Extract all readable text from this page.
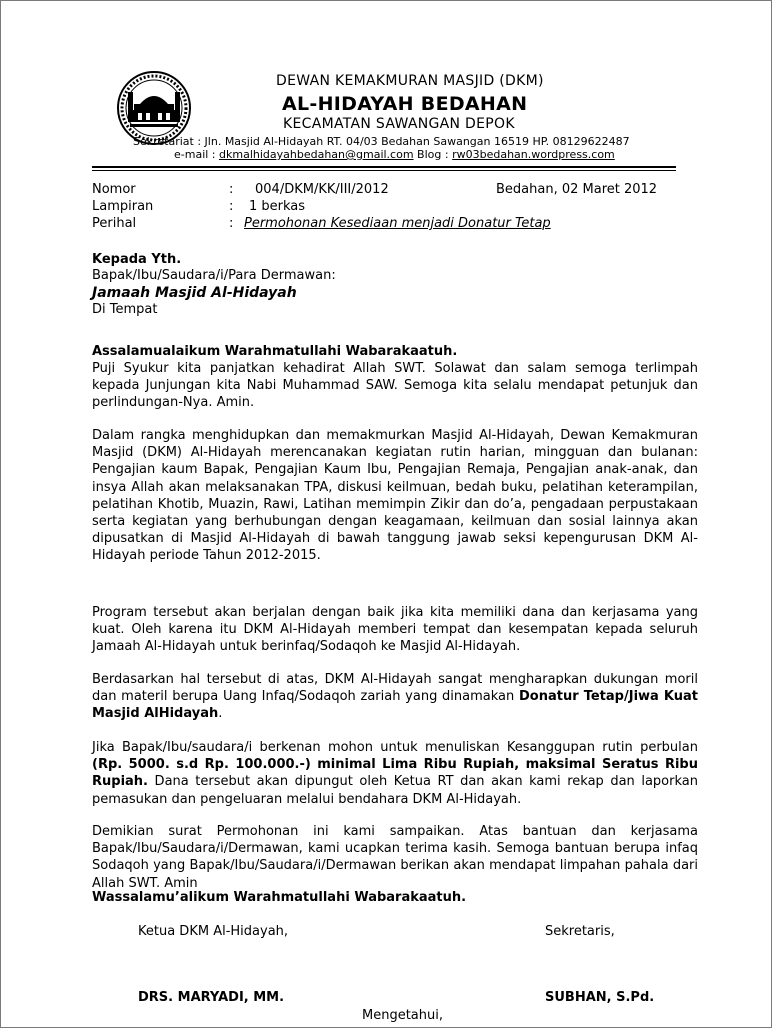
DEWAN KEMAKMURAN MASJID (DKM)
AL-HIDAYAH BEDAHAN
KECAMATAN SAWANGAN DEPOK
Sekretariat : Jln. Masjid Al-Hidayah RT. 04/03 Bedahan Sawangan 16519 HP. 08129622487
e-mail : dkmalhidayahbedahan@gmail.com Blog : rw03bedahan.wordpress.com
Nomor	: 004/DKM/KK/III/2012	Bedahan, 02 Maret 2012
Lampiran	: 1 berkas
Perihal	: Permohonan Kesediaan menjadi Donatur Tetap
Kepada Yth.
Bapak/Ibu/Saudara/i/Para Dermawan:
Jamaah Masjid Al-Hidayah
Di Tempat
Assalamualaikum Warahmatullahi Wabarakaatuh.
Puji Syukur kita panjatkan kehadirat Allah SWT. Solawat dan salam semoga terlimpah kepada Junjungan kita Nabi Muhammad SAW. Semoga kita selalu mendapat petunjuk dan perlindungan-Nya. Amin.
Dalam rangka menghidupkan dan memakmurkan Masjid Al-Hidayah, Dewan Kemakmuran Masjid (DKM) Al-Hidayah merencanakan kegiatan rutin harian, mingguan dan bulanan: Pengajian kaum Bapak, Pengajian Kaum Ibu, Pengajian Remaja, Pengajian anak-anak, dan insya Allah akan melaksanakan TPA, diskusi keilmuan, bedah buku, pelatihan keterampilan, pelatihan Khotib, Muazin, Rawi, Latihan memimpin Zikir dan do’a, pengadaan perpustakaan serta kegiatan yang berhubungan dengan keagamaan, keilmuan dan sosial lainnya akan dipusatkan di Masjid Al-Hidayah di bawah tanggung jawab seksi kepengurusan DKM Al-Hidayah periode Tahun 2012-2015.
Program tersebut akan berjalan dengan baik jika kita memiliki dana dan kerjasama yang kuat. Oleh karena itu DKM Al-Hidayah memberi tempat dan kesempatan kepada seluruh Jamaah Al-Hidayah untuk berinfaq/Sodaqoh ke Masjid Al-Hidayah.
Berdasarkan hal tersebut di atas, DKM Al-Hidayah sangat mengharapkan dukungan moril dan materil berupa Uang Infaq/Sodaqoh zariah yang dinamakan Donatur Tetap/Jiwa Kuat Masjid AlHidayah.
Jika Bapak/Ibu/saudara/i berkenan mohon untuk menuliskan Kesanggupan rutin perbulan (Rp. 5000. s.d Rp. 100.000.-) minimal Lima Ribu Rupiah, maksimal Seratus Ribu Rupiah. Dana tersebut akan dipungut oleh Ketua RT dan akan kami rekap dan laporkan pemasukan dan pengeluaran melalui bendahara DKM Al-Hidayah.
Demikian surat Permohonan ini kami sampaikan. Atas bantuan dan kerjasama Bapak/Ibu/Saudara/i/Dermawan, kami ucapkan terima kasih. Semoga bantuan berupa infaq Sodaqoh yang Bapak/Ibu/Saudara/i/Dermawan berikan akan mendapat limpahan pahala dari Allah SWT. Amin
Wassalamu’alikum Warahmatullahi Wabarakaatuh.
Ketua DKM Al-Hidayah,	Sekretaris,
DRS. MARYADI, MM.	SUBHAN, S.Pd.
Mengetahui,
